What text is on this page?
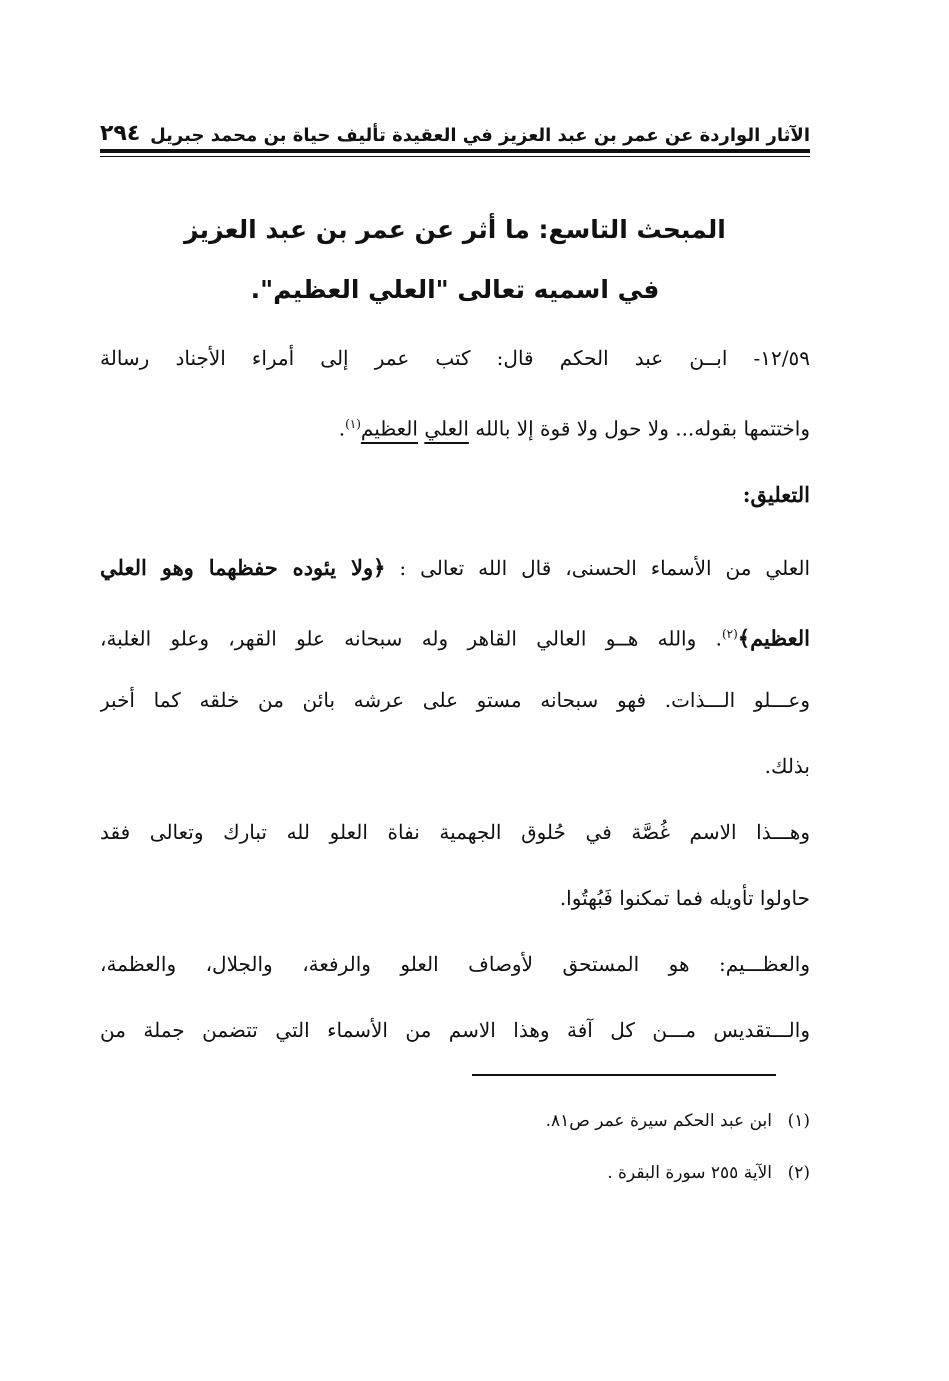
الآثار الواردة عن عمر بن عبد العزيز في العقيدة تأليف حياة بن محمد جبريل
٢٩٤
المبحث التاسع: ما أثر عن عمر بن عبد العزيز
في اسميه تعالى "العلي العظيم".
١٢/٥٩- ابــن عبد الحكم قال: كتب عمر إلى أمراء الأجناد رسالة
واختتمها بقوله... ولا حول ولا قوة إلا بالله العلي العظيم$^{(١)}$.
التعليق:
العلي من الأسماء الحسنى، قال الله تعالى : ﴿ولا يئوده حفظهما وهو العلي
العظيم﴾$^{(٢)}$. والله هــو العالي القاهر وله سبحانه علو القهر، وعلو الغلبة،
وعـــلو الـــذات. فهو سبحانه مستو على عرشه بائن من خلقه كما أخبر
بذلك.
وهـــذا الاسم غُصَّة في حُلوق الجهمية نفاة العلو لله تبارك وتعالى فقد
حاولوا تأويله فما تمكنوا فَبُهتُوا.
والعظـــيم: هو المستحق لأوصاف العلو والرفعة، والجلال، والعظمة،
والـــتقديس مـــن كل آفة وهذا الاسم من الأسماء التي تتضمن جملة من
(١)ابن عبد الحكم سيرة عمر ص٨١.
(٢)الآية ٢٥٥ سورة البقرة .
